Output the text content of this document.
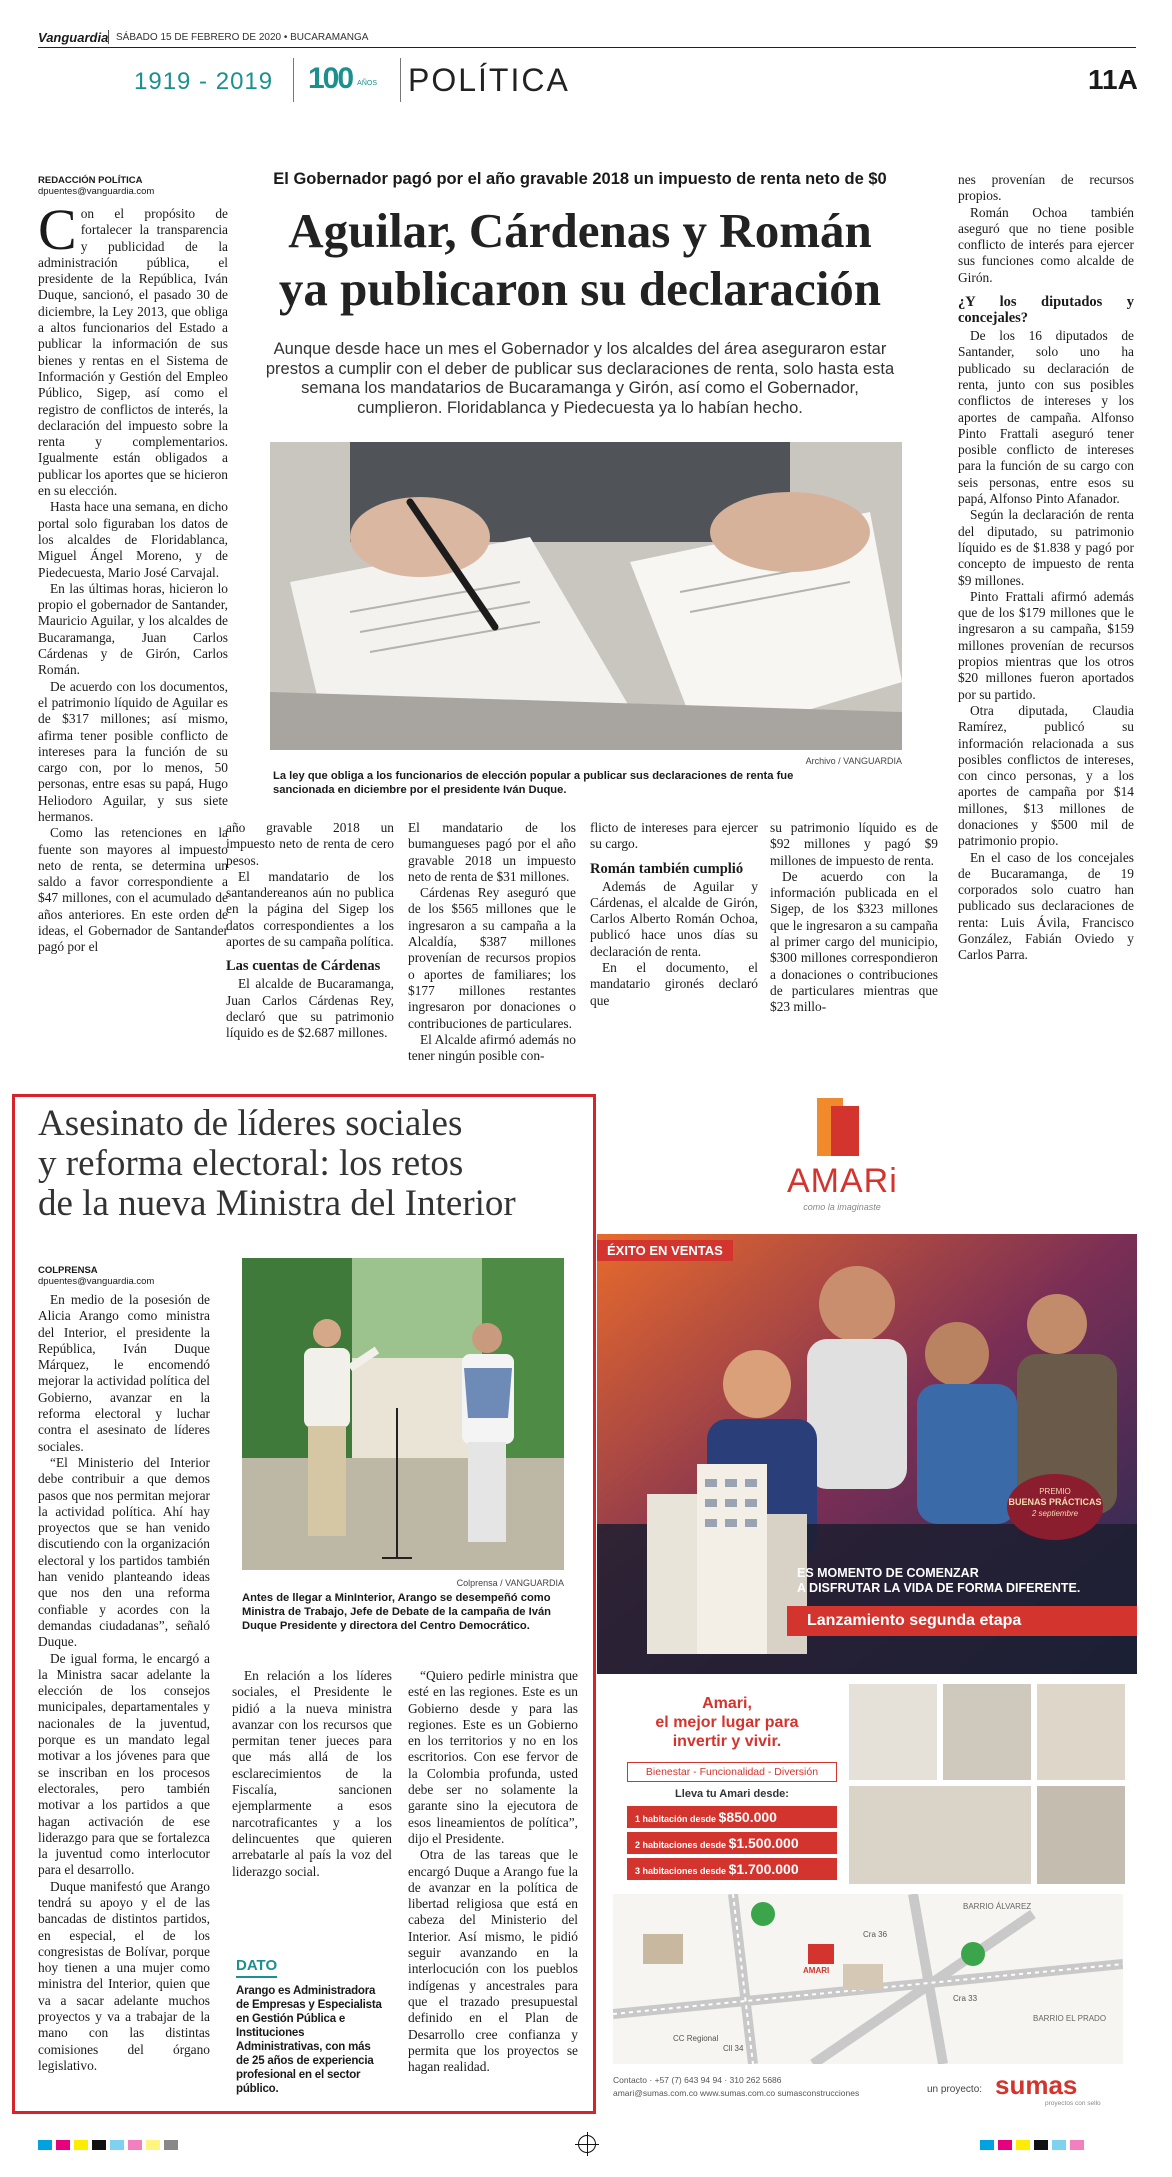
Vanguardia SÁBADO 15 DE FEBRERO DE 2020 • BUCARAMANGA
1919 - 2019 100 AÑOS POLÍTICA	11A
REDACCIÓN POLÍTICA
dpuentes@vanguardia.com

Con el propósito de fortalecer la transparencia y publicidad de la administración pública, el presidente de la República, Iván Duque, sancionó, el pasado 30 de diciembre, la Ley 2013, que obliga a altos funcionarios del Estado a publicar la información de sus bienes y rentas en el Sistema de Información y Gestión del Empleo Público, Sigep, así como el registro de conflictos de interés, la declaración del impuesto sobre la renta y complementarios. Igualmente están obligados a publicar los aportes que se hicieron en su elección.

Hasta hace una semana, en dicho portal solo figuraban los datos de los alcaldes de Floridablanca, Miguel Ángel Moreno, y de Piedecuesta, Mario José Carvajal.

En las últimas horas, hicieron lo propio el gobernador de Santander, Mauricio Aguilar, y los alcaldes de Bucaramanga, Juan Carlos Cárdenas y de Girón, Carlos Román.

De acuerdo con los documentos, el patrimonio líquido de Aguilar es de $317 millones; así mismo, afirma tener posible conflicto de intereses para la función de su cargo con, por lo menos, 50 personas, entre esas su papá, Hugo Heliodoro Aguilar, y sus siete hermanos.

Como las retenciones en la fuente son mayores al impuesto neto de renta, se determina un saldo a favor correspondiente a $47 millones, con el acumulado de años anteriores. En este orden de ideas, el Gobernador de Santander pagó por el

El Gobernador pagó por el año gravable 2018 un impuesto de renta neto de $0
Aguilar, Cárdenas y Román
ya publicaron su declaración
Aunque desde hace un mes el Gobernador y los alcaldes del área aseguraron estar prestos a cumplir con el deber de publicar sus declaraciones de renta, solo hasta esta semana los mandatarios de Bucaramanga y Girón, así como el Gobernador, cumplieron. Floridablanca y Piedecuesta ya lo habían hecho.
Archivo / VANGUARDIA
La ley que obliga a los funcionarios de elección popular a publicar sus declaraciones de renta fue sancionada en diciembre por el presidente Iván Duque.

año gravable 2018 un impuesto neto de renta de cero pesos.

El mandatario de los santandereanos aún no publica en la página del Sigep los datos correspondientes a los aportes de su campaña política.

Las cuentas de Cárdenas

El alcalde de Bucaramanga, Juan Carlos Cárdenas Rey, declaró que su patrimonio líquido es de $2.687 millones.

El mandatario de los bumangueses pagó por el año gravable 2018 un impuesto neto de renta de $31 millones.

Cárdenas Rey aseguró que de los $565 millones que le ingresaron a su campaña a la Alcaldía, $387 millones provenían de recursos propios o aportes de familiares; los $177 millones restantes ingresaron por donaciones o contribuciones de particulares.

El Alcalde afirmó además no tener ningún posible con-

flicto de intereses para ejercer su cargo.

Román también cumplió

Además de Aguilar y Cárdenas, el alcalde de Girón, Carlos Alberto Román Ochoa, publicó hace unos días su declaración de renta.

En el documento, el mandatario gironés declaró que

su patrimonio líquido es de $92 millones y pagó $9 millones de impuesto de renta.

De acuerdo con la información publicada en el Sigep, de los $323 millones que le ingresaron a su campaña al primer cargo del municipio, $300 millones correspondieron a donaciones o contribuciones de particulares mientras que $23 millo-

nes provenían de recursos propios.

Román Ochoa también aseguró que no tiene posible conflicto de interés para ejercer sus funciones como alcalde de Girón.

¿Y los diputados y concejales?

De los 16 diputados de Santander, solo uno ha publicado su declaración de renta, junto con sus posibles conflictos de intereses y los aportes de campaña. Alfonso Pinto Frattali aseguró tener posible conflicto de intereses para la función de su cargo con seis personas, entre esos su papá, Alfonso Pinto Afanador.

Según la declaración de renta del diputado, su patrimonio líquido es de $1.838 y pagó por concepto de impuesto de renta $9 millones.

Pinto Frattali afirmó además que de los $179 millones que le ingresaron a su campaña, $159 millones provenían de recursos propios mientras que los otros $20 millones fueron aportados por su partido.

Otra diputada, Claudia Ramírez, publicó su información relacionada a sus posibles conflictos de intereses, con cinco personas, y a los aportes de campaña por $14 millones, $13 millones de donaciones y $500 mil de patrimonio propio.

En el caso de los concejales de Bucaramanga, de 19 corporados solo cuatro han publicado sus declaraciones de renta: Luis Ávila, Francisco González, Fabián Oviedo y Carlos Parra.

Asesinato de líderes sociales
y reforma electoral: los retos
de la nueva Ministra del Interior
COLPRENSA
dpuentes@vanguardia.com

En medio de la posesión de Alicia Arango como ministra del Interior, el presidente la República, Iván Duque Márquez, le encomendó mejorar la actividad política del Gobierno, avanzar en la reforma electoral y luchar contra el asesinato de líderes sociales.

“El Ministerio del Interior debe contribuir a que demos pasos que nos permitan mejorar la actividad política. Ahí hay proyectos que se han venido discutiendo con la organización electoral y los partidos también han venido planteando ideas que nos den una reforma confiable y acordes con la demandas ciudadanas”, señaló Duque.

De igual forma, le encargó a la Ministra sacar adelante la elección de los consejos municipales, departamentales y nacionales de la juventud, porque es un mandato legal motivar a los jóvenes para que se inscriban en los procesos electorales, pero también motivar a los partidos a que hagan activación de ese liderazgo para que se fortalezca la juventud como interlocutor para el desarrollo.

Duque manifestó que Arango tendrá su apoyo y el de las bancadas de distintos partidos, en especial, el de los congresistas de Bolívar, porque hoy tienen a una mujer como ministra del Interior, quien que va a sacar adelante muchos proyectos y va a trabajar de la mano con las distintas comisiones del órgano legislativo.

Colprensa / VANGUARDIA
Antes de llegar a MinInterior, Arango se desempeñó como Ministra de Trabajo, Jefe de Debate de la campaña de Iván Duque Presidente y directora del Centro Democrático.

En relación a los líderes sociales, el Presidente le pidió a la nueva ministra avanzar con los recursos que permitan tener jueces para que más allá de los esclarecimientos de la Fiscalía, sancionen ejemplarmente a esos narcotraficantes y a los delincuentes que quieren arrebatarle al país la voz del liderazgo social.

DATO
Arango es Administradora de Empresas y Especialista en Gestión Pública e Instituciones Administrativas, con más de 25 años de experiencia profesional en el sector público.

“Quiero pedirle ministra que esté en las regiones. Este es un Gobierno desde y para las regiones. Este es un Gobierno en los territorios y no en los escritorios. Con ese fervor de la Colombia profunda, usted debe ser no solamente la garante sino la ejecutora de esos lineamientos de política”, dijo el Presidente.

Otra de las tareas que le encargó Duque a Arango fue la de avanzar en la política de libertad religiosa que está en cabeza del Ministerio del Interior. Así mismo, le pidió seguir avanzando en la interlocución con los pueblos indígenas y ancestrales para que el trazado presupuestal definido en el Plan de Desarrollo cree confianza y permita que los proyectos se hagan realidad.

AMARi
como la imaginaste
ÉXITO EN VENTAS
PREMIO
BUENAS PRÁCTICAS
2 septiembre
ES MOMENTO DE COMENZAR
A DISFRUTAR LA VIDA DE FORMA DIFERENTE.
Lanzamiento segunda etapa
Amari,
el mejor lugar para
invertir y vivir.
Bienestar - Funcionalidad - Diversión
Lleva tu Amari desde:
1 habitación desde $850.000
2 habitaciones desde $1.500.000
3 habitaciones desde $1.700.000
BARRIO ÁLVAREZ
BARRIO EL PRADO
Cra 36
Cra 33
Cll 34
AMARI
CC Regional
Contacto · +57 (7) 643 94 94 · 310 262 5686
amari@sumas.com.co www.sumas.com.co sumasconstrucciones	un proyecto: sumas
proyectos con sello
